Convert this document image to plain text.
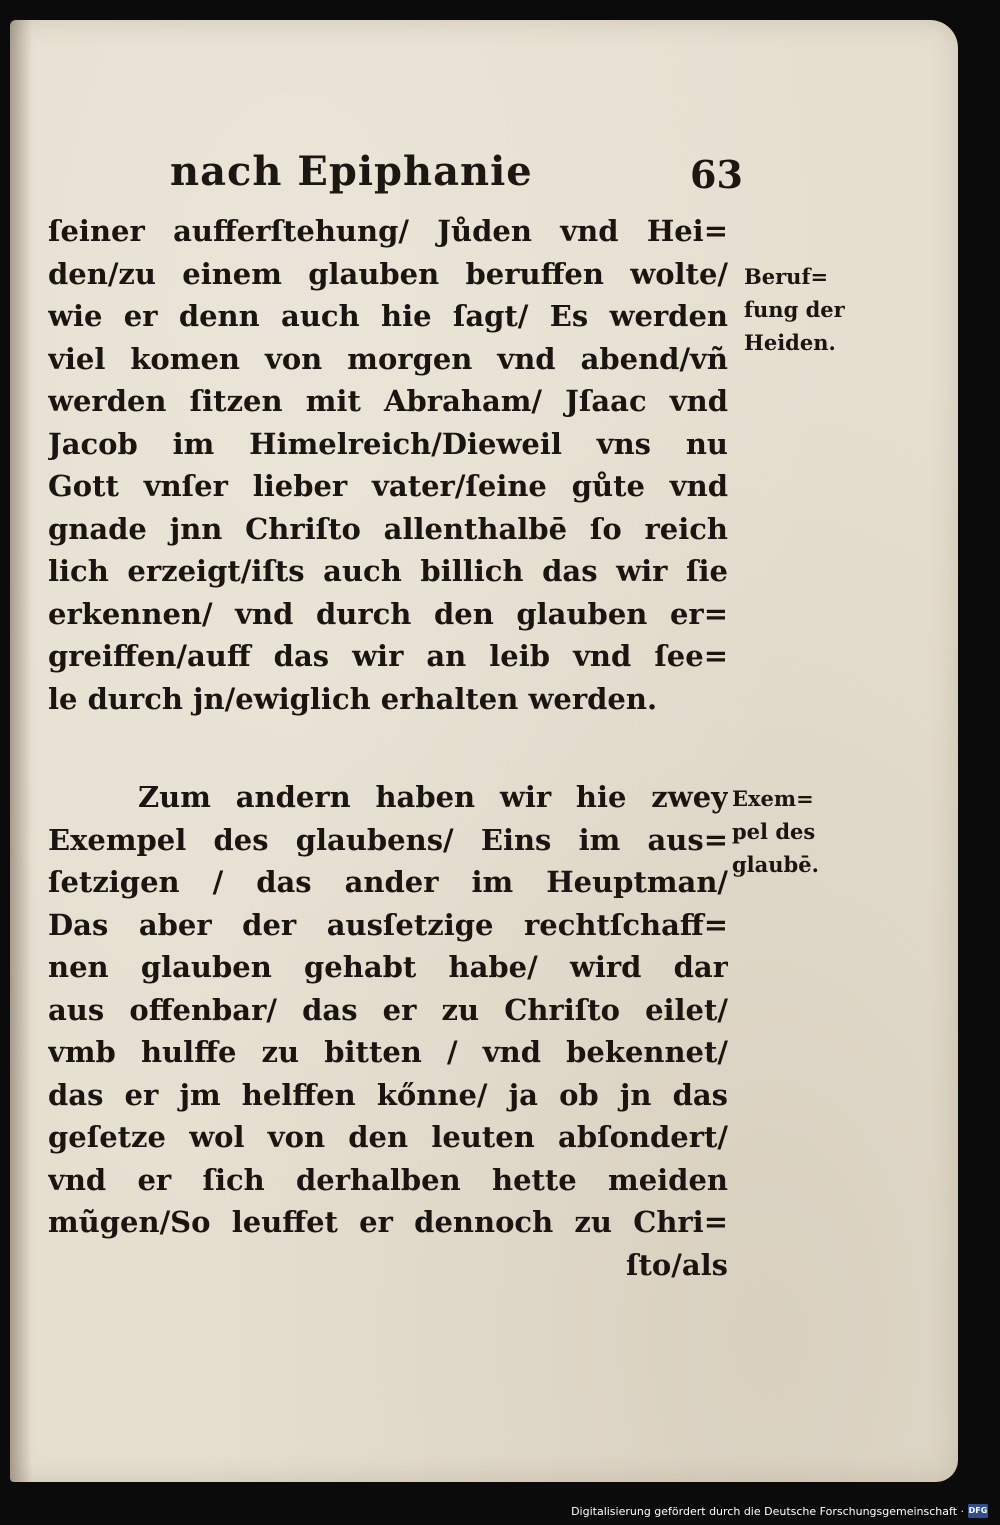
nach Epiphanie	63
ſeiner aufferſtehung/ Jůden vnd Hei=
den/zu einem glauben beruffen wolte/
wie er denn auch hie ſagt/ Es werden
viel komen von morgen vnd abend/vñ
werden ſitzen mit Abraham/ Jſaac vnd
Jacob im Himelreich/Dieweil vns nu
Gott vnſer lieber vater/ſeine gůte vnd
gnade jnn Chriſto allenthalbē ſo reich
lich erzeigt/iſts auch billich das wir ſie
erkennen/ vnd durch den glauben er=
greiffen/auff das wir an leib vnd ſee=
le durch jn/ewiglich erhalten werden.
Beruf=
fung der
Heiden.
Zum andern haben wir hie zwey
Exempel des glaubens/ Eins im aus=
ſetzigen / das ander im Heuptman/
Das aber der ausſetzige rechtſchaff=
nen glauben gehabt habe/ wird dar
aus offenbar/ das er zu Chriſto eilet/
vmb hulffe zu bitten / vnd bekennet/
das er jm helffen kőnne/ ja ob jn das
geſetze wol von den leuten abſondert/
vnd er ſich derhalben hette meiden
mũgen/So leuffet er dennoch zu Chri=
ſto/als
Exem=
pel des
glaubē.
Digitalisierung gefördert durch die Deutsche Forschungsgemeinschaft · DFG
